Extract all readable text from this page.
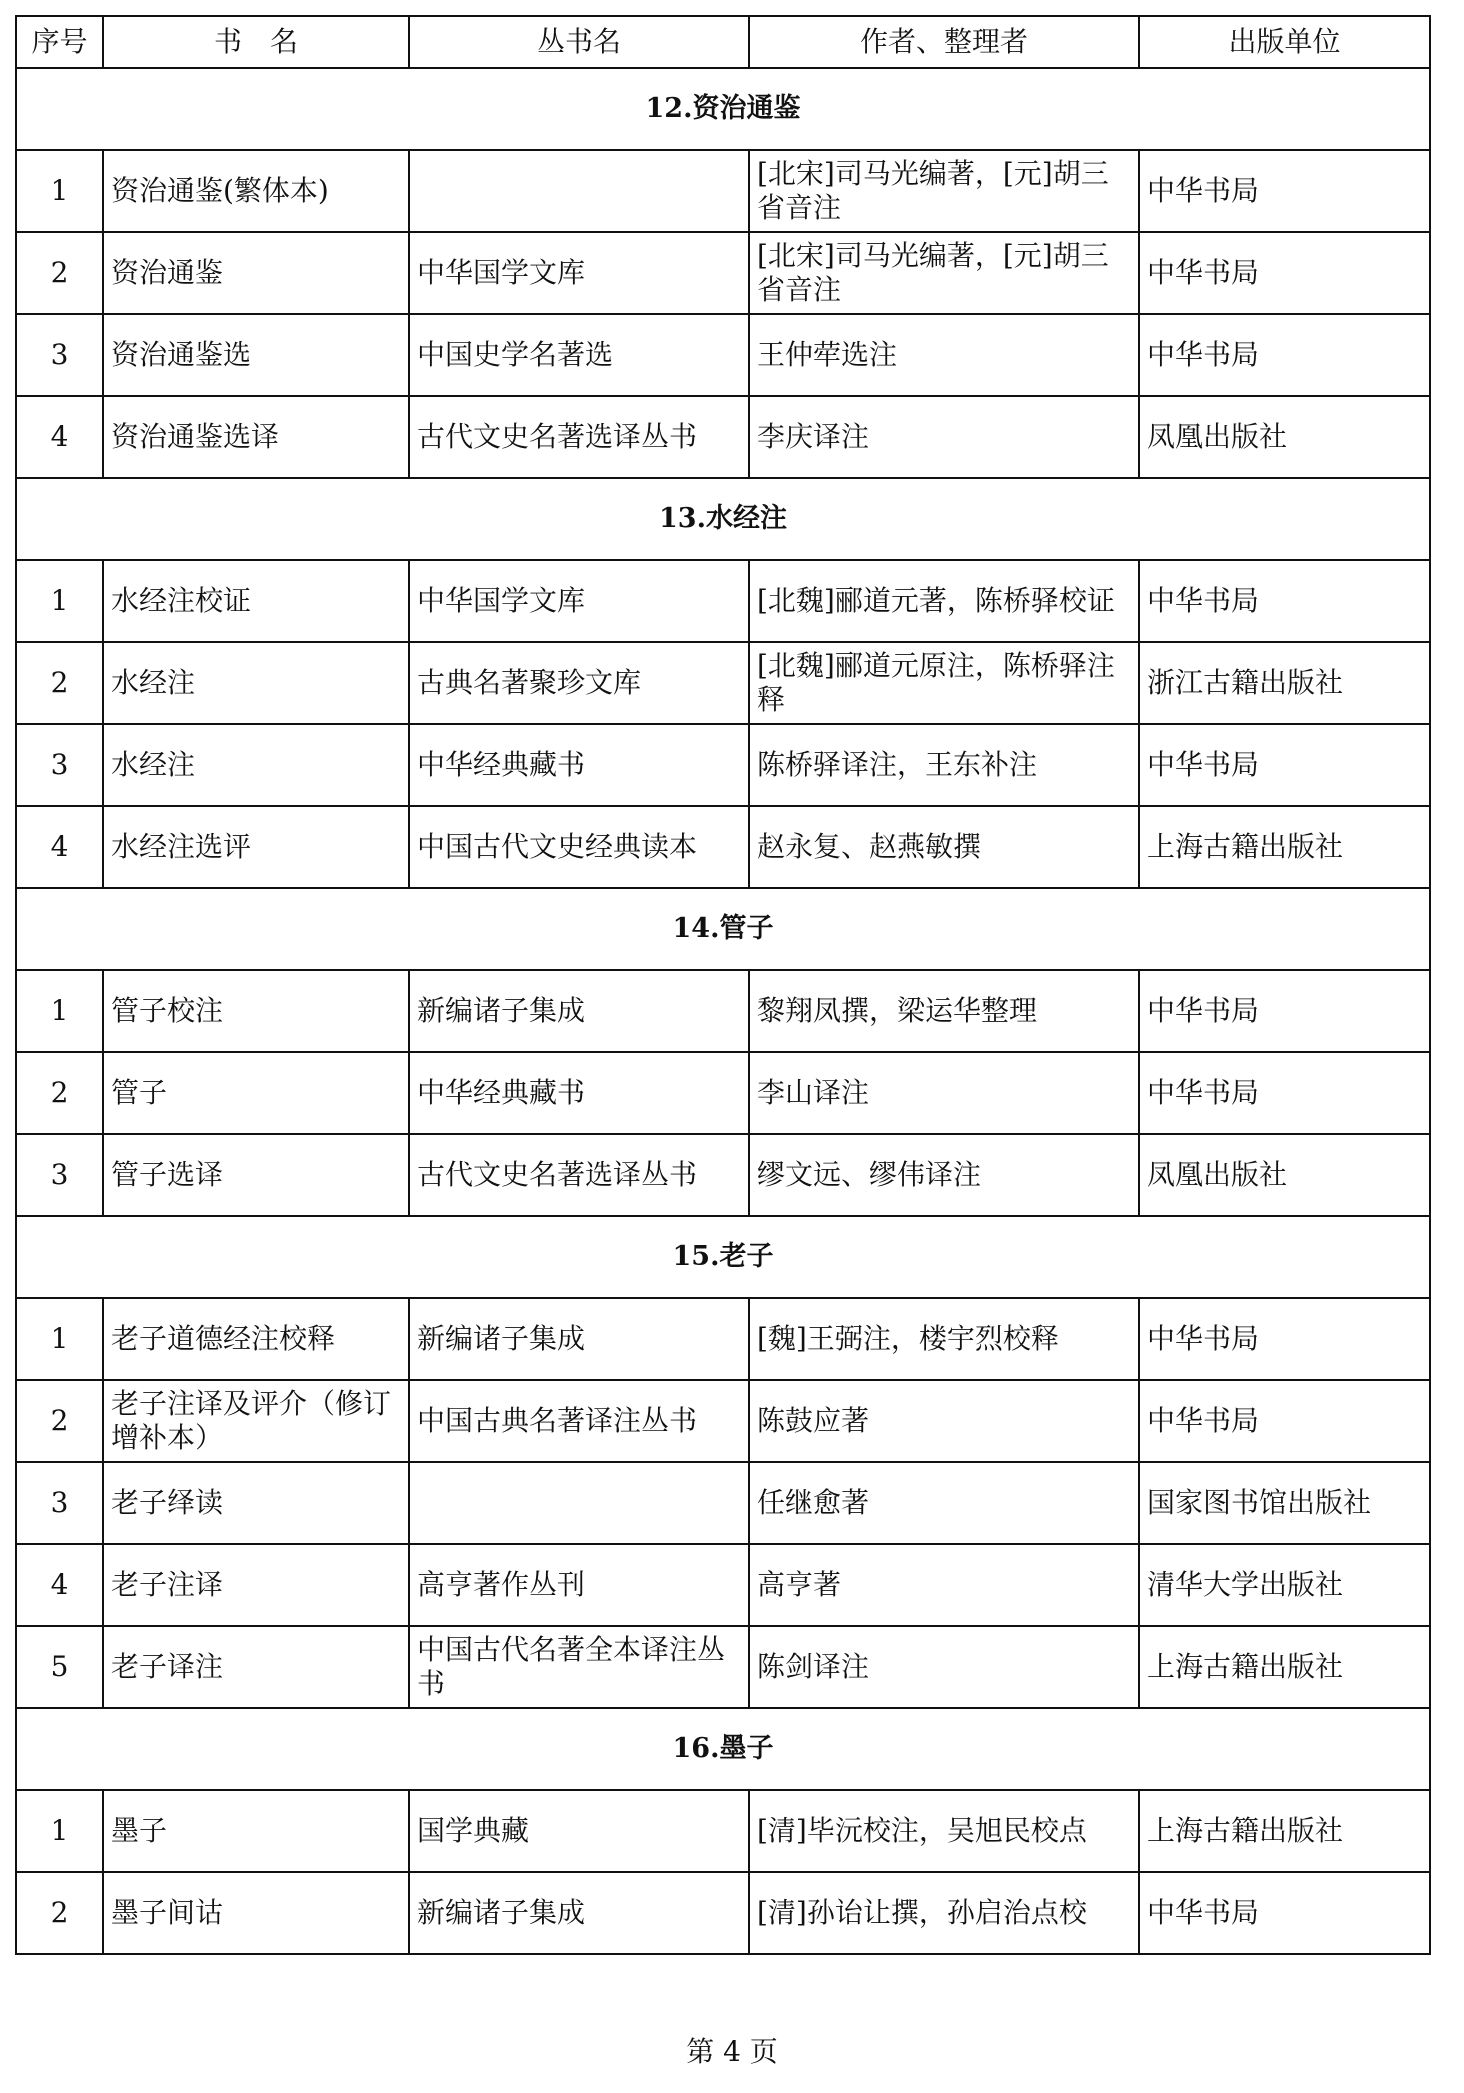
序号	书　名	丛书名	作者、整理者	出版单位
12.资治通鉴				
1	资治通鉴(繁体本)		[北宋]司马光编著，[元]胡三省音注	中华书局
2	资治通鉴	中华国学文库	[北宋]司马光编著，[元]胡三省音注	中华书局
3	资治通鉴选	中国史学名著选	王仲荦选注	中华书局
4	资治通鉴选译	古代文史名著选译丛书	李庆译注	凤凰出版社
13.水经注				
1	水经注校证	中华国学文库	[北魏]郦道元著，陈桥驿校证	中华书局
2	水经注	古典名著聚珍文库	[北魏]郦道元原注，陈桥驿注释	浙江古籍出版社
3	水经注	中华经典藏书	陈桥驿译注，王东补注	中华书局
4	水经注选评	中国古代文史经典读本	赵永复、赵燕敏撰	上海古籍出版社
14.管子				
1	管子校注	新编诸子集成	黎翔凤撰，梁运华整理	中华书局
2	管子	中华经典藏书	李山译注	中华书局
3	管子选译	古代文史名著选译丛书	缪文远、缪伟译注	凤凰出版社
15.老子				
1	老子道德经注校释	新编诸子集成	[魏]王弼注，楼宇烈校释	中华书局
2	老子注译及评介（修订增补本）	中国古典名著译注丛书	陈鼓应著	中华书局
3	老子绎读		任继愈著	国家图书馆出版社
4	老子注译	高亨著作丛刊	高亨著	清华大学出版社
5	老子译注	中国古代名著全本译注丛书	陈剑译注	上海古籍出版社
16.墨子				
1	墨子	国学典藏	[清]毕沅校注，吴旭民校点	上海古籍出版社
2	墨子间诂	新编诸子集成	[清]孙诒让撰，孙启治点校	中华书局
第 4 页
